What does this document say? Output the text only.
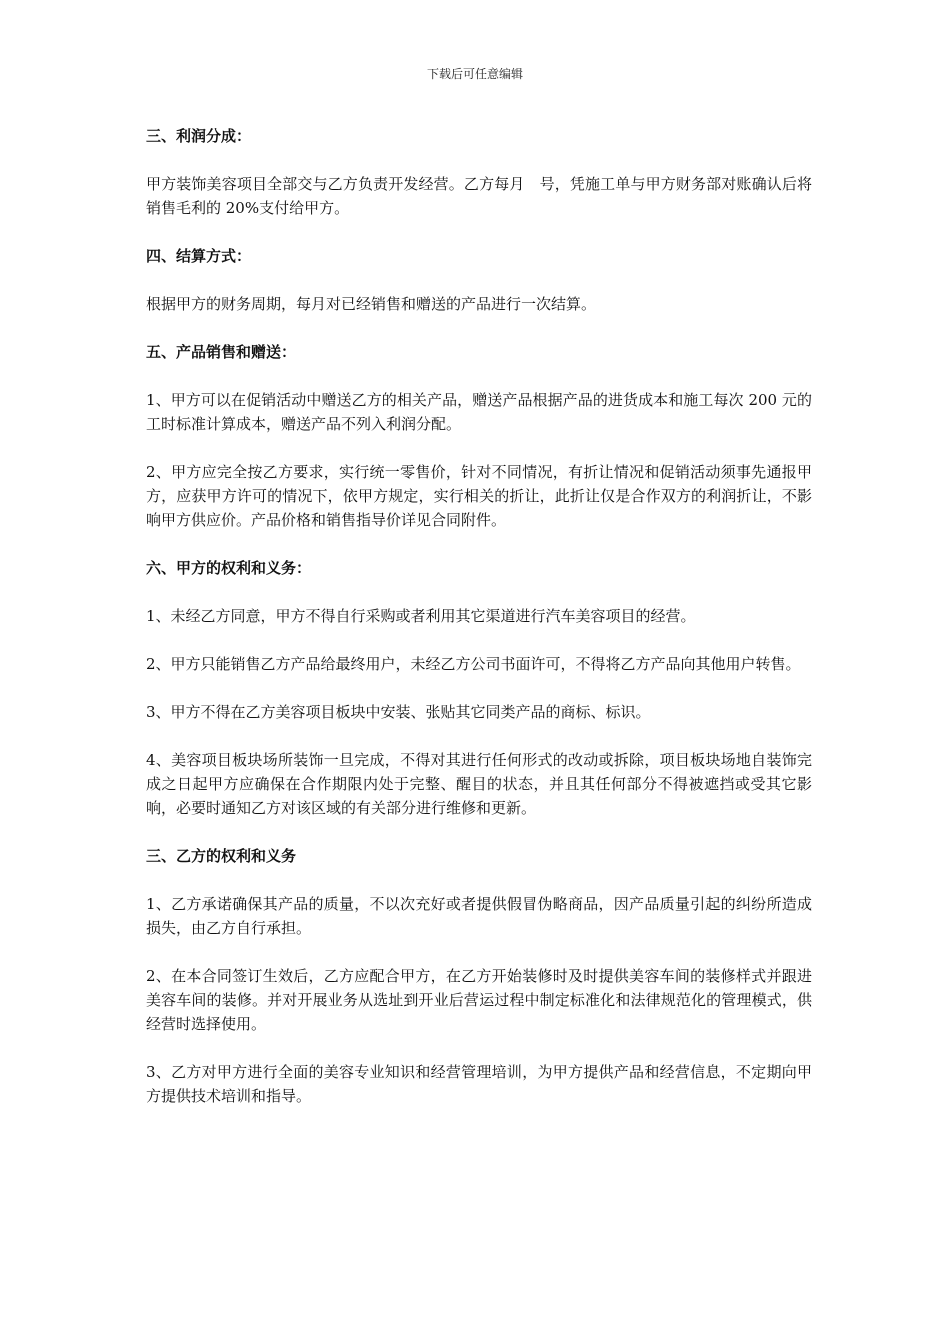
下载后可任意编辑
三、利润分成：
甲方装饰美容项目全部交与乙方负责开发经营。乙方每月　号，凭施工单与甲方财务部对账确认后将销售毛利的 20%支付给甲方。
四、结算方式：
根据甲方的财务周期，每月对已经销售和赠送的产品进行一次结算。
五、产品销售和赠送：
1、甲方可以在促销活动中赠送乙方的相关产品，赠送产品根据产品的进货成本和施工每次 200 元的工时标准计算成本，赠送产品不列入利润分配。
2、甲方应完全按乙方要求，实行统一零售价，针对不同情况，有折让情况和促销活动须事先通报甲方，应获甲方许可的情况下，依甲方规定，实行相关的折让，此折让仅是合作双方的利润折让，不影响甲方供应价。产品价格和销售指导价详见合同附件。
六、甲方的权利和义务：
1、未经乙方同意，甲方不得自行采购或者利用其它渠道进行汽车美容项目的经营。
2、甲方只能销售乙方产品给最终用户，未经乙方公司书面许可，不得将乙方产品向其他用户转售。
3、甲方不得在乙方美容项目板块中安装、张贴其它同类产品的商标、标识。
4、美容项目板块场所装饰一旦完成，不得对其进行任何形式的改动或拆除，项目板块场地自装饰完成之日起甲方应确保在合作期限内处于完整、醒目的状态，并且其任何部分不得被遮挡或受其它影响，必要时通知乙方对该区域的有关部分进行维修和更新。
三、乙方的权利和义务
1、乙方承诺确保其产品的质量，不以次充好或者提供假冒伪略商品，因产品质量引起的纠纷所造成损失，由乙方自行承担。
2、在本合同签订生效后，乙方应配合甲方，在乙方开始装修时及时提供美容车间的装修样式并跟进美容车间的装修。并对开展业务从选址到开业后营运过程中制定标准化和法律规范化的管理模式，供经营时选择使用。
3、乙方对甲方进行全面的美容专业知识和经营管理培训，为甲方提供产品和经营信息，不定期向甲方提供技术培训和指导。
